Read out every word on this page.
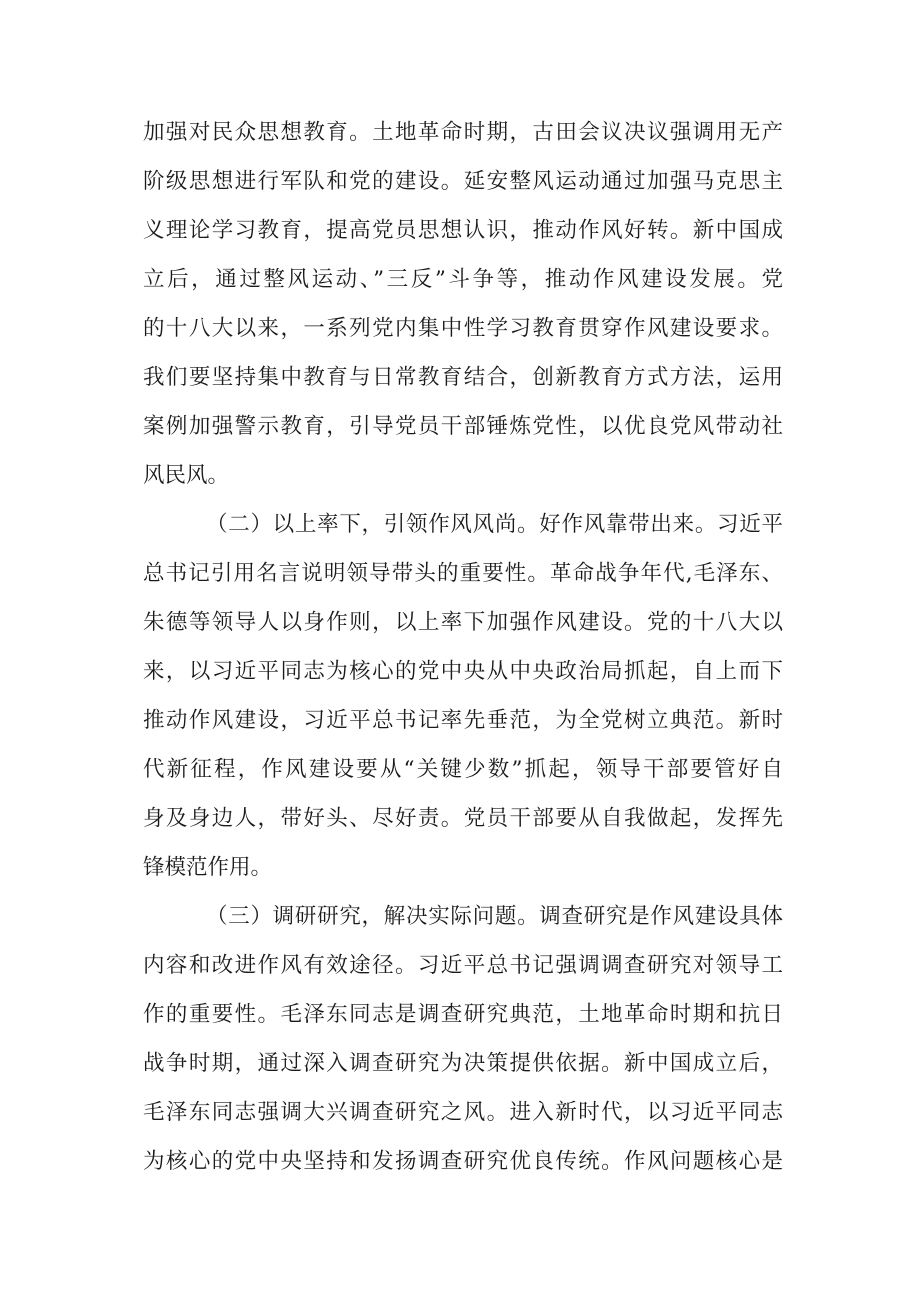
加强对民众思想教育。土地革命时期，古田会议决议强调用无产
阶级思想进行军队和党的建设。延安整风运动通过加强马克思主
义理论学习教育，提高党员思想认识，推动作风好转。新中国成
立后，通过整风运动、”三反”斗争等，推动作风建设发展。党
的十八大以来，一系列党内集中性学习教育贯穿作风建设要求。
我们要坚持集中教育与日常教育结合，创新教育方式方法，运用
案例加强警示教育，引导党员干部锤炼党性，以优良党风带动社
风民风。
（二）以上率下，引领作风风尚。好作风靠带出来。习近平
总书记引用名言说明领导带头的重要性。革命战争年代,毛泽东、
朱德等领导人以身作则，以上率下加强作风建设。党的十八大以
来，以习近平同志为核心的党中央从中央政治局抓起，自上而下
推动作风建设，习近平总书记率先垂范，为全党树立典范。新时
代新征程，作风建设要从“关键少数”抓起，领导干部要管好自
身及身边人，带好头、尽好责。党员干部要从自我做起，发挥先
锋模范作用。
（三）调研研究，解决实际问题。调查研究是作风建设具体
内容和改进作风有效途径。习近平总书记强调调查研究对领导工
作的重要性。毛泽东同志是调查研究典范，土地革命时期和抗日
战争时期，通过深入调查研究为决策提供依据。新中国成立后，
毛泽东同志强调大兴调查研究之风。进入新时代，以习近平同志
为核心的党中央坚持和发扬调查研究优良传统。作风问题核心是
